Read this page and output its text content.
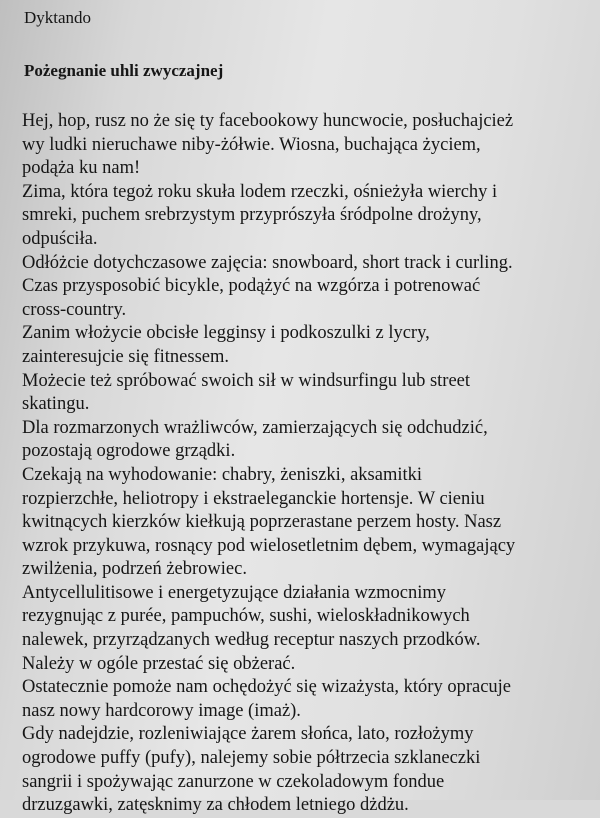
Dyktando
Pożegnanie uhli zwyczajnej
Hej, hop, rusz no że się ty facebookowy huncwocie, posłuchajcież
wy ludki nieruchawe niby-żółwie. Wiosna, buchająca życiem,
podąża ku nam!
Zima, która tegoż roku skuła lodem rzeczki, ośnieżyła wierchy i
smreki, puchem srebrzystym przyprószyła śródpolne drożyny,
odpuściła.
Odłóżcie dotychczasowe zajęcia: snowboard, short track i curling.
Czas przysposobić bicykle, podążyć na wzgórza i potrenować
cross-country.
Zanim włożycie obcisłe legginsy i podkoszulki z lycry,
zainteresujcie się fitnessem.
Możecie też spróbować swoich sił w windsurfingu lub street
skatingu.
Dla rozmarzonych wrażliwców, zamierzających się odchudzić,
pozostają ogrodowe grządki.
Czekają na wyhodowanie: chabry, żeniszki, aksamitki
rozpierzchłe, heliotropy i ekstraeleganckie hortensje. W cieniu
kwitnących kierzków kiełkują poprzerastane perzem hosty. Nasz
wzrok przykuwa, rosnący pod wielosetletnim dębem, wymagający
zwilżenia, podrzeń żebrowiec.
Antycellulitisowe i energetyzujące działania wzmocnimy
rezygnując z purée, pampuchów, sushi, wieloskładnikowych
nalewek, przyrządzanych według receptur naszych przodków.
Należy w ogóle przestać się obżerać.
Ostatecznie pomoże nam ochędożyć się wizażysta, który opracuje
nasz nowy hardcorowy image (imaż).
Gdy nadejdzie, rozleniwiające żarem słońca, lato, rozłożymy
ogrodowe puffy (pufy), nalejemy sobie półtrzecia szklaneczki
sangrii i spożywając zanurzone w czekoladowym fondue
drzuzgawki, zatęsknimy za chłodem letniego dżdżu.
